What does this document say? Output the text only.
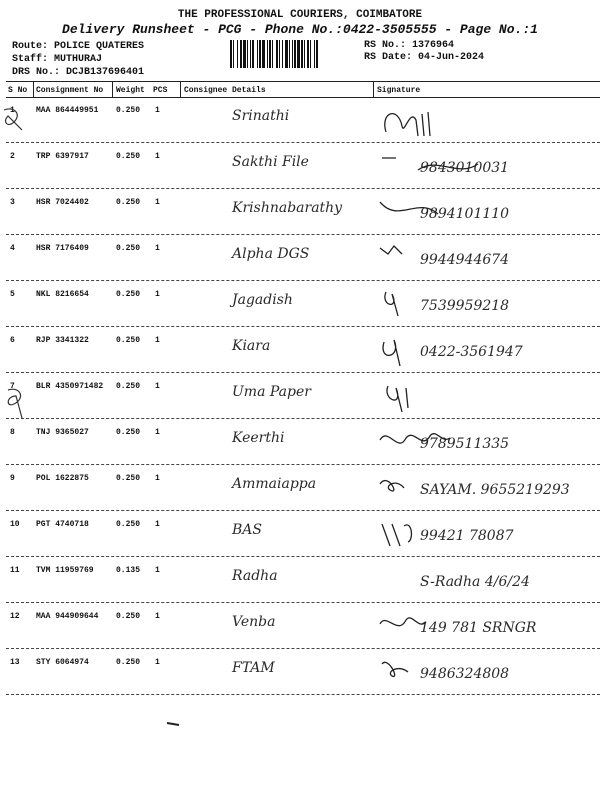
THE PROFESSIONAL COURIERS, COIMBATORE
Delivery Runsheet - PCG - Phone No.:0422-3505555 - Page No.:1
Route: POLICE QUATERES
Staff: MUTHURAJ
DRS No.: DCJB137696401
RS No.: 1376964
RS Date: 04-Jun-2024
S No Consignment No Weight PCS Consignee Details	Signature
1	MAA 864449951 0.250 1	Srinathi
2	TRP 6397917	0.250 1	Sakthi File	9843010031
3	HSR 7024402	0.250 1	Krishnabarathy	9894101110
4	HSR 7176409	0.250 1	Alpha DGS	9944944674
5	NKL 8216654	0.250 1	Jagadish	7539959218
6	RJP 3341322	0.250 1	Kiara	0422-3561947
7	BLR 4350971482 0.250 1	Uma Paper
8	TNJ 9365027	0.250 1	Keerthi	9789511335
9	POL 1622875	0.250 1	Ammaiappa	SAYAM. 9655219293
10 PGT 4740718	0.250 1	BAS	99421 78087
11 TVM 11959769	0.135 1	Radha	S-Radha 4/6/24
12 MAA 944909644 0.250 1	Venba	149 781 SRNGR
13 STY 6064974	0.250 1	FTAM	9486324808
